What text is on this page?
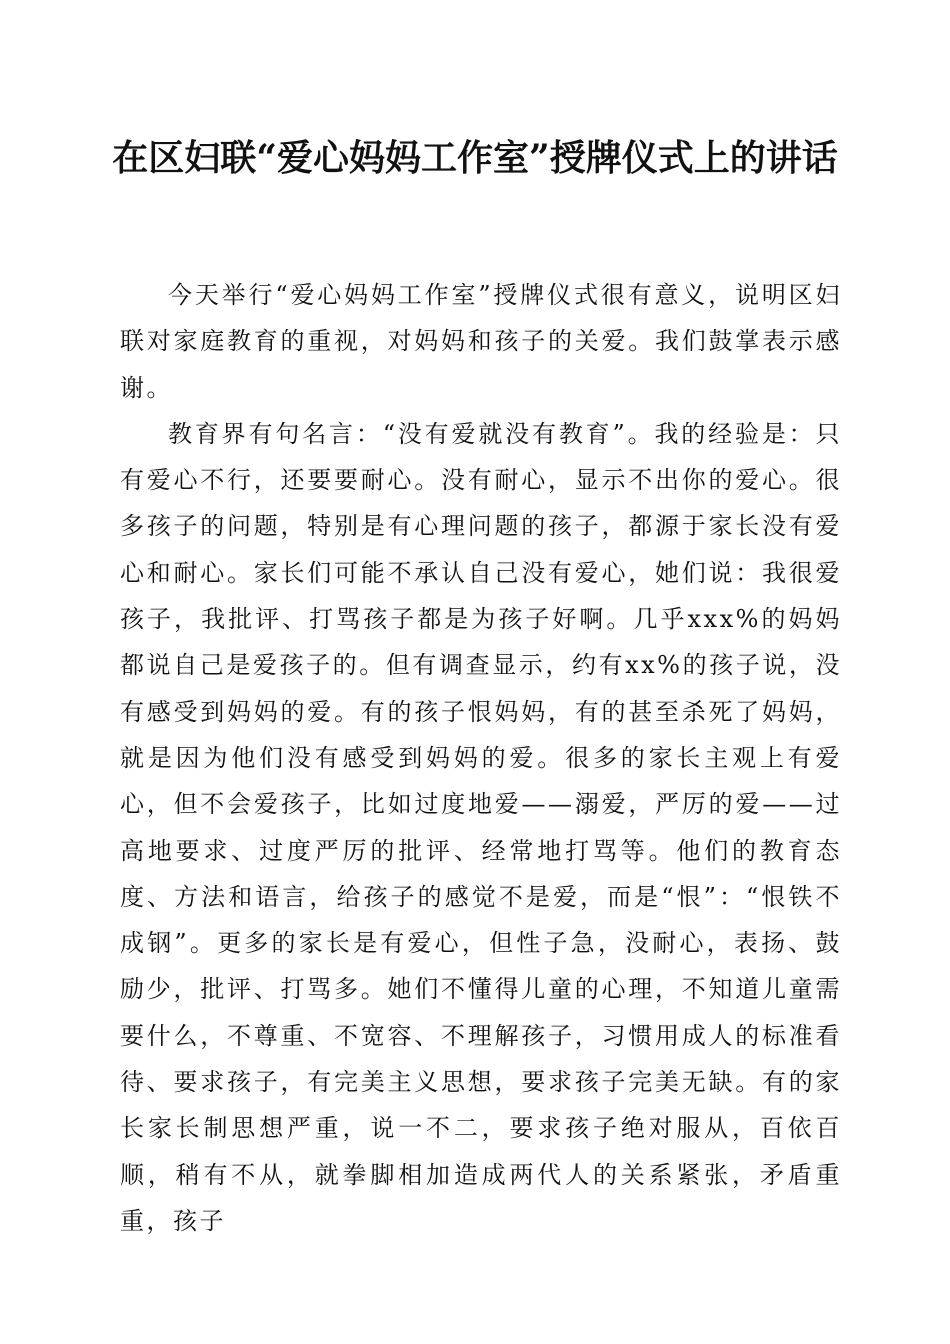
在区妇联“爱心妈妈工作室”授牌仪式上的讲话

今天举行“爱心妈妈工作室”授牌仪式很有意义，说明区妇联对家庭教育的重视，对妈妈和孩子的关爱。我们鼓掌表示感谢。

教育界有句名言：“没有爱就没有教育”。我的经验是：只有爱心不行，还要要耐心。没有耐心，显示不出你的爱心。很多孩子的问题，特别是有心理问题的孩子，都源于家长没有爱心和耐心。家长们可能不承认自己没有爱心，她们说：我很爱孩子，我批评、打骂孩子都是为孩子好啊。几乎xxx%的妈妈都说自己是爱孩子的。但有调查显示，约有xx%的孩子说，没有感受到妈妈的爱。有的孩子恨妈妈，有的甚至杀死了妈妈，就是因为他们没有感受到妈妈的爱。很多的家长主观上有爱心，但不会爱孩子，比如过度地爱——溺爱，严厉的爱——过高地要求、过度严厉的批评、经常地打骂等。他们的教育态度、方法和语言，给孩子的感觉不是爱，而是“恨”：“恨铁不成钢”。更多的家长是有爱心，但性子急，没耐心，表扬、鼓励少，批评、打骂多。她们不懂得儿童的心理，不知道儿童需要什么，不尊重、不宽容、不理解孩子，习惯用成人的标准看待、要求孩子，有完美主义思想，要求孩子完美无缺。有的家长家长制思想严重，说一不二，要求孩子绝对服从，百依百顺，稍有不从，就拳脚相加造成两代人的关系紧张，矛盾重重，孩子
